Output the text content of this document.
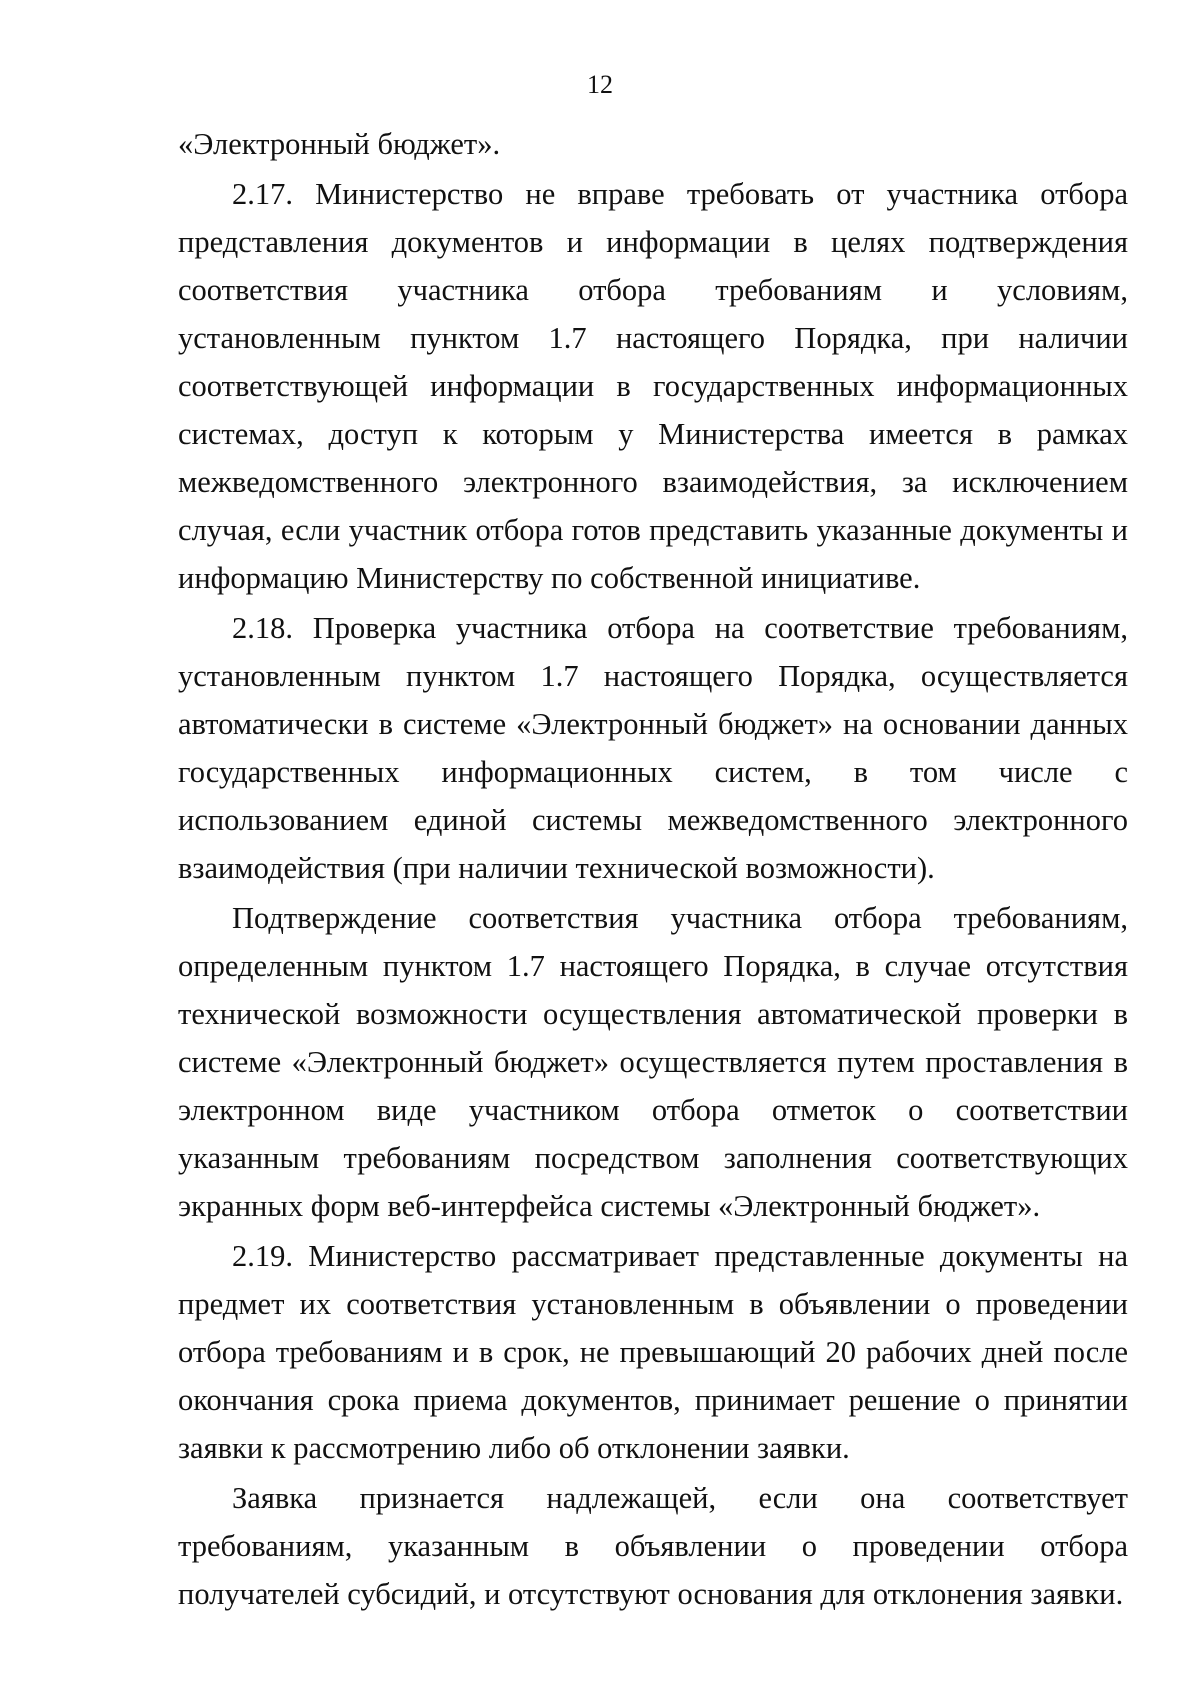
12

«Электронный бюджет».

2.17. Министерство не вправе требовать от участника отбора представления документов и информации в целях подтверждения соответствия участника отбора требованиям и условиям, установленным пунктом 1.7 настоящего Порядка, при наличии соответствующей информации в государственных информационных системах, доступ к которым у Министерства имеется в рамках межведомственного электронного взаимодействия, за исключением случая, если участник отбора готов представить указанные документы и информацию Министерству по собственной инициативе.

2.18. Проверка участника отбора на соответствие требованиям, установленным пунктом 1.7 настоящего Порядка, осуществляется автоматически в системе «Электронный бюджет» на основании данных государственных информационных систем, в том числе с использованием единой системы межведомственного электронного взаимодействия (при наличии технической возможности).

Подтверждение соответствия участника отбора требованиям, определенным пунктом 1.7 настоящего Порядка, в случае отсутствия технической возможности осуществления автоматической проверки в системе «Электронный бюджет» осуществляется путем проставления в электронном виде участником отбора отметок о соответствии указанным требованиям посредством заполнения соответствующих экранных форм веб-интерфейса системы «Электронный бюджет».

2.19. Министерство рассматривает представленные документы на предмет их соответствия установленным в объявлении о проведении отбора требованиям и в срок, не превышающий 20 рабочих дней после окончания срока приема документов, принимает решение о принятии заявки к рассмотрению либо об отклонении заявки.

Заявка признается надлежащей, если она соответствует требованиям, указанным в объявлении о проведении отбора получателей субсидий, и отсутствуют основания для отклонения заявки.
